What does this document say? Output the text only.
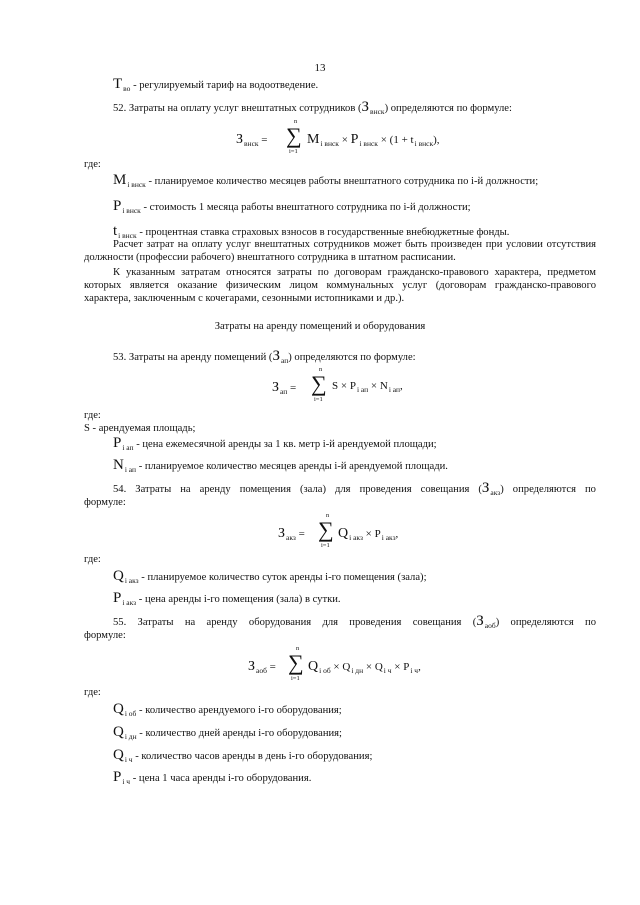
13
$T_{во}$ - регулируемый тариф на водоотведение.
52. Затраты на оплату услуг внештатных сотрудников $(З_{внск})$ определяются по формуле:
$З_{внск}$ =
n
∑
i=1
$M_{i внск} \times P_{i внск} \times (1 + t_{i внск})$,
где:
$M_{i внск}$ - планируемое количество месяцев работы внештатного сотрудника по i-й должности;
$P_{i внск}$ - стоимость 1 месяца работы внештатного сотрудника по i-й должности;
$t_{i внск}$ - процентная ставка страховых взносов в государственные внебюджетные фонды.
Расчет затрат на оплату услуг внештатных сотрудников может быть произведен при условии отсутствия должности (профессии рабочего) внештатного сотрудника в штатном расписании.
К указанным затратам относятся затраты по договорам гражданско-правового характера, предметом которых является оказание физическим лицом коммунальных услуг (договорам гражданско-правового характера, заключенным с кочегарами, сезонными истопниками и др.).
Затраты на аренду помещений и оборудования
53. Затраты на аренду помещений $(З_{ап})$ определяются по формуле:
$З_{ап}$ =
n
∑
i=1
$S \times P_{i ап} \times N_{i ап}$,
где:
S - арендуемая площадь;
$P_{i ап}$ - цена ежемесячной аренды за 1 кв. метр i-й арендуемой площади;
$N_{i ап}$ - планируемое количество месяцев аренды i-й арендуемой площади.
54. Затраты на аренду помещения (зала) для проведения совещания $(З_{акз})$ определяются по
формуле:
$З_{акз}$ =
n
∑
i=1
$Q_{i акз} \times P_{i акз}$,
где:
$Q_{i акз}$ - планируемое количество суток аренды i-го помещения (зала);
$P_{i акз}$ - цена аренды i-го помещения (зала) в сутки.
55. Затраты на аренду оборудования для проведения совещания $(З_{аоб})$ определяются по
формуле:
$З_{аоб}$ =
n
∑
i=1
$Q_{i об} \times Q_{i дн} \times Q_{i ч} \times P_{i ч}$,
где:
$Q_{i об}$ - количество арендуемого i-го оборудования;
$Q_{i дн}$ - количество дней аренды i-го оборудования;
$Q_{i ч}$ - количество часов аренды в день i-го оборудования;
$P_{i ч}$ - цена 1 часа аренды i-го оборудования.
